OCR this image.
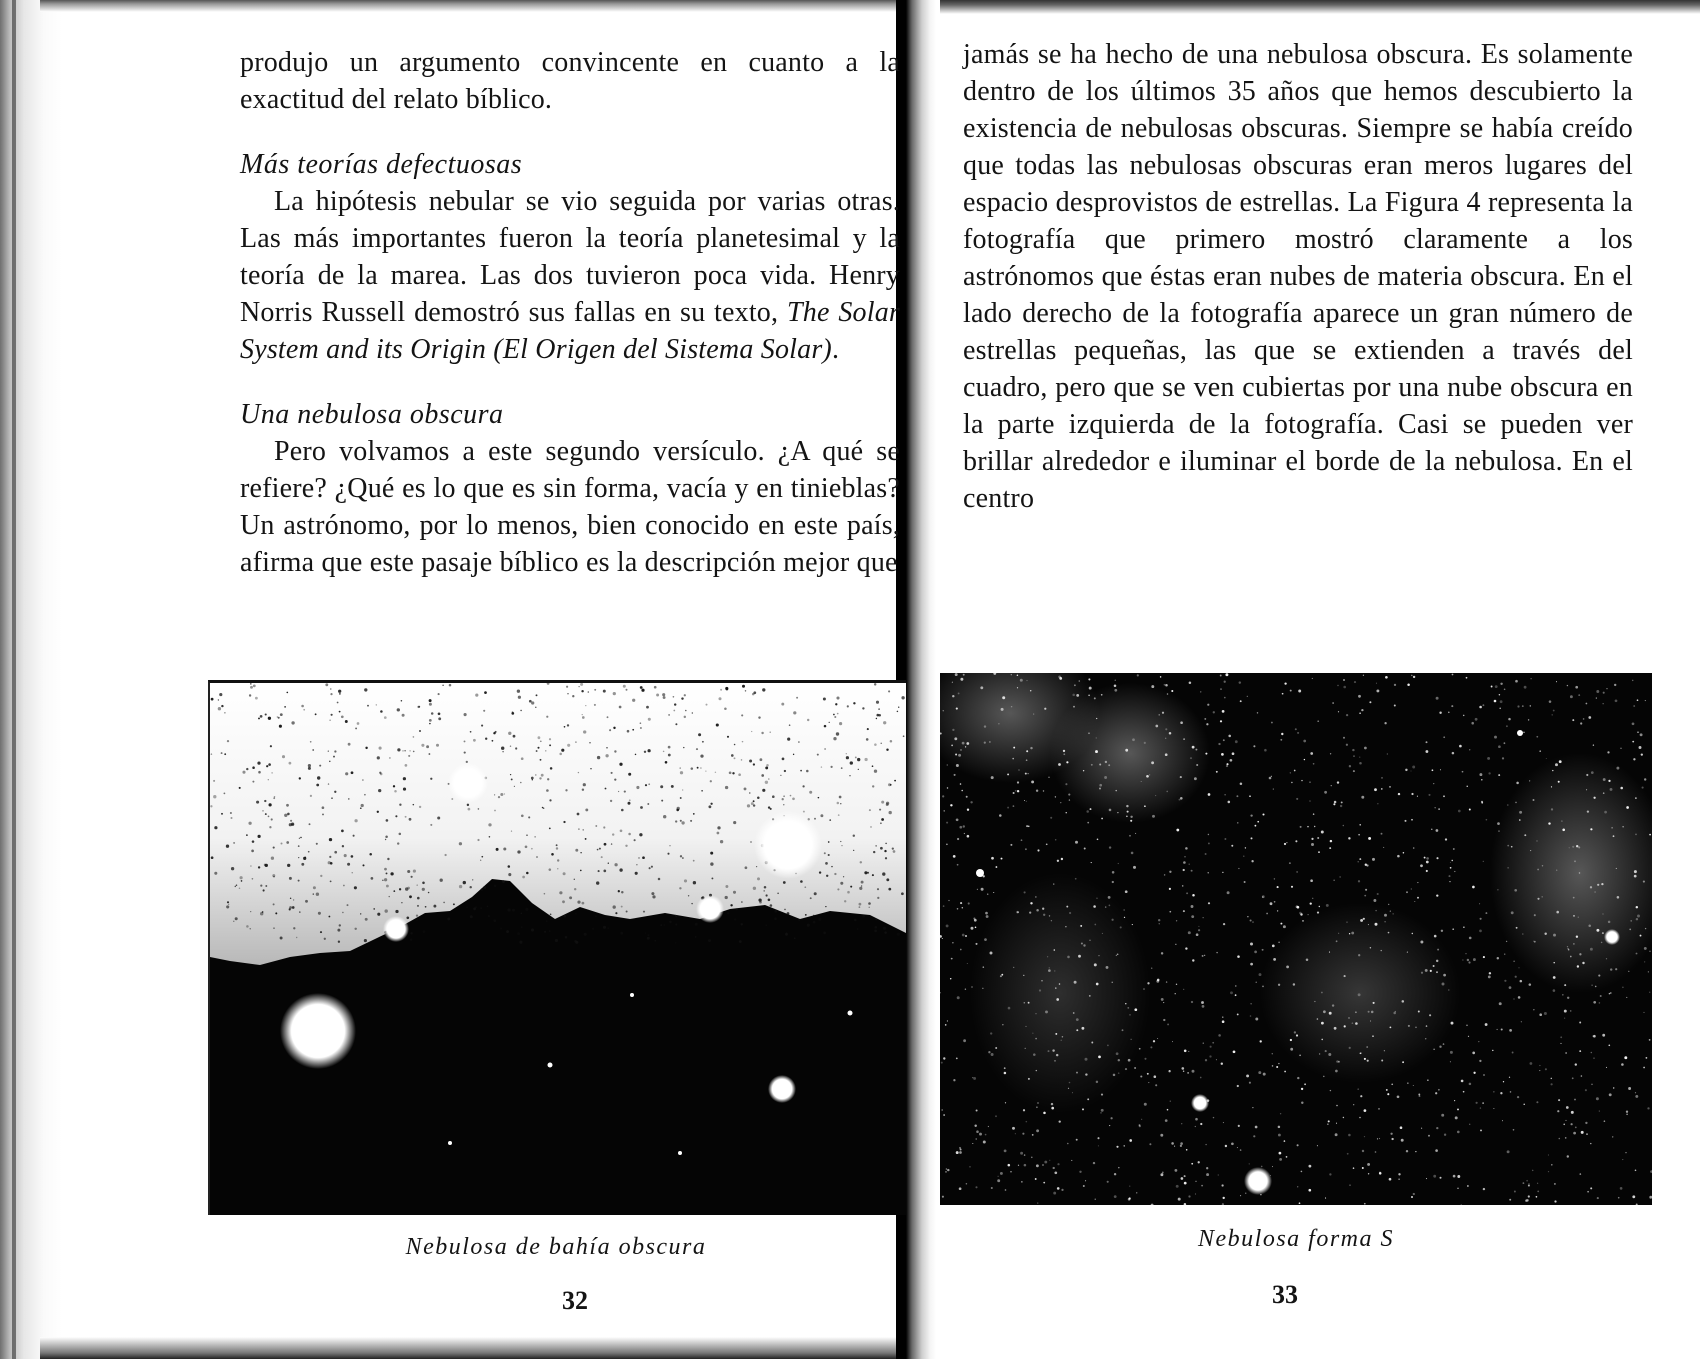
produjo un argumento convincente en cuanto a la exactitud del relato bíblico.

Más teorías defectuosas

La hipótesis nebular se vio seguida por varias otras. Las más importantes fueron la teoría planetesimal y la teoría de la marea. Las dos tuvieron poca vida. Henry Norris Russell demostró sus fallas en su texto, The Solar System and its Origin (El Origen del Sistema Solar).

Una nebulosa obscura

Pero volvamos a este segundo versículo. ¿A qué se refiere? ¿Qué es lo que es sin forma, vacía y en tinieblas? Un astrónomo, por lo menos, bien conocido en este país, afirma que este pasaje bíblico es la descripción mejor que

Nebulosa de bahía obscura
32

jamás se ha hecho de una nebulosa obscura. Es solamente dentro de los últimos 35 años que hemos descubierto la existencia de nebulosas obscuras. Siempre se había creído que todas las nebulosas obscuras eran meros lugares del espacio desprovistos de estrellas. La Figura 4 representa la fotografía que primero mostró claramente a los astrónomos que éstas eran nubes de materia obscura. En el lado derecho de la fotografía aparece un gran número de estrellas pequeñas, las que se extienden a través del cuadro, pero que se ven cubiertas por una nube obscura en la parte izquierda de la fotografía. Casi se pueden ver brillar alrededor e iluminar el borde de la nebulosa. En el centro

Nebulosa forma S
33
